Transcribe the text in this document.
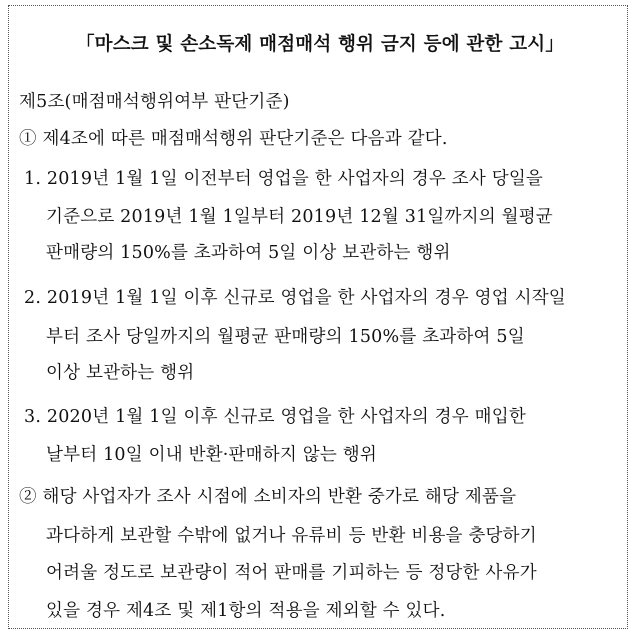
「마스크 및 손소독제 매점매석 행위 금지 등에 관한 고시」
제5조(매점매석행위여부 판단기준)
① 제4조에 따른 매점매석행위 판단기준은 다음과 같다.
1. 2019년 1월 1일 이전부터 영업을 한 사업자의 경우 조사 당일을
기준으로 2019년 1월 1일부터 2019년 12월 31일까지의 월평균
판매량의 150%를 초과하여 5일 이상 보관하는 행위
2. 2019년 1월 1일 이후 신규로 영업을 한 사업자의 경우 영업 시작일
부터 조사 당일까지의 월평균 판매량의 150%를 초과하여 5일
이상 보관하는 행위
3. 2020년 1월 1일 이후 신규로 영업을 한 사업자의 경우 매입한
날부터 10일 이내 반환·판매하지 않는 행위
② 해당 사업자가 조사 시점에 소비자의 반환 중가로 해당 제품을
과다하게 보관할 수밖에 없거나 유류비 등 반환 비용을 충당하기
어려울 정도로 보관량이 적어 판매를 기피하는 등 정당한 사유가
있을 경우 제4조 및 제1항의 적용을 제외할 수 있다.
